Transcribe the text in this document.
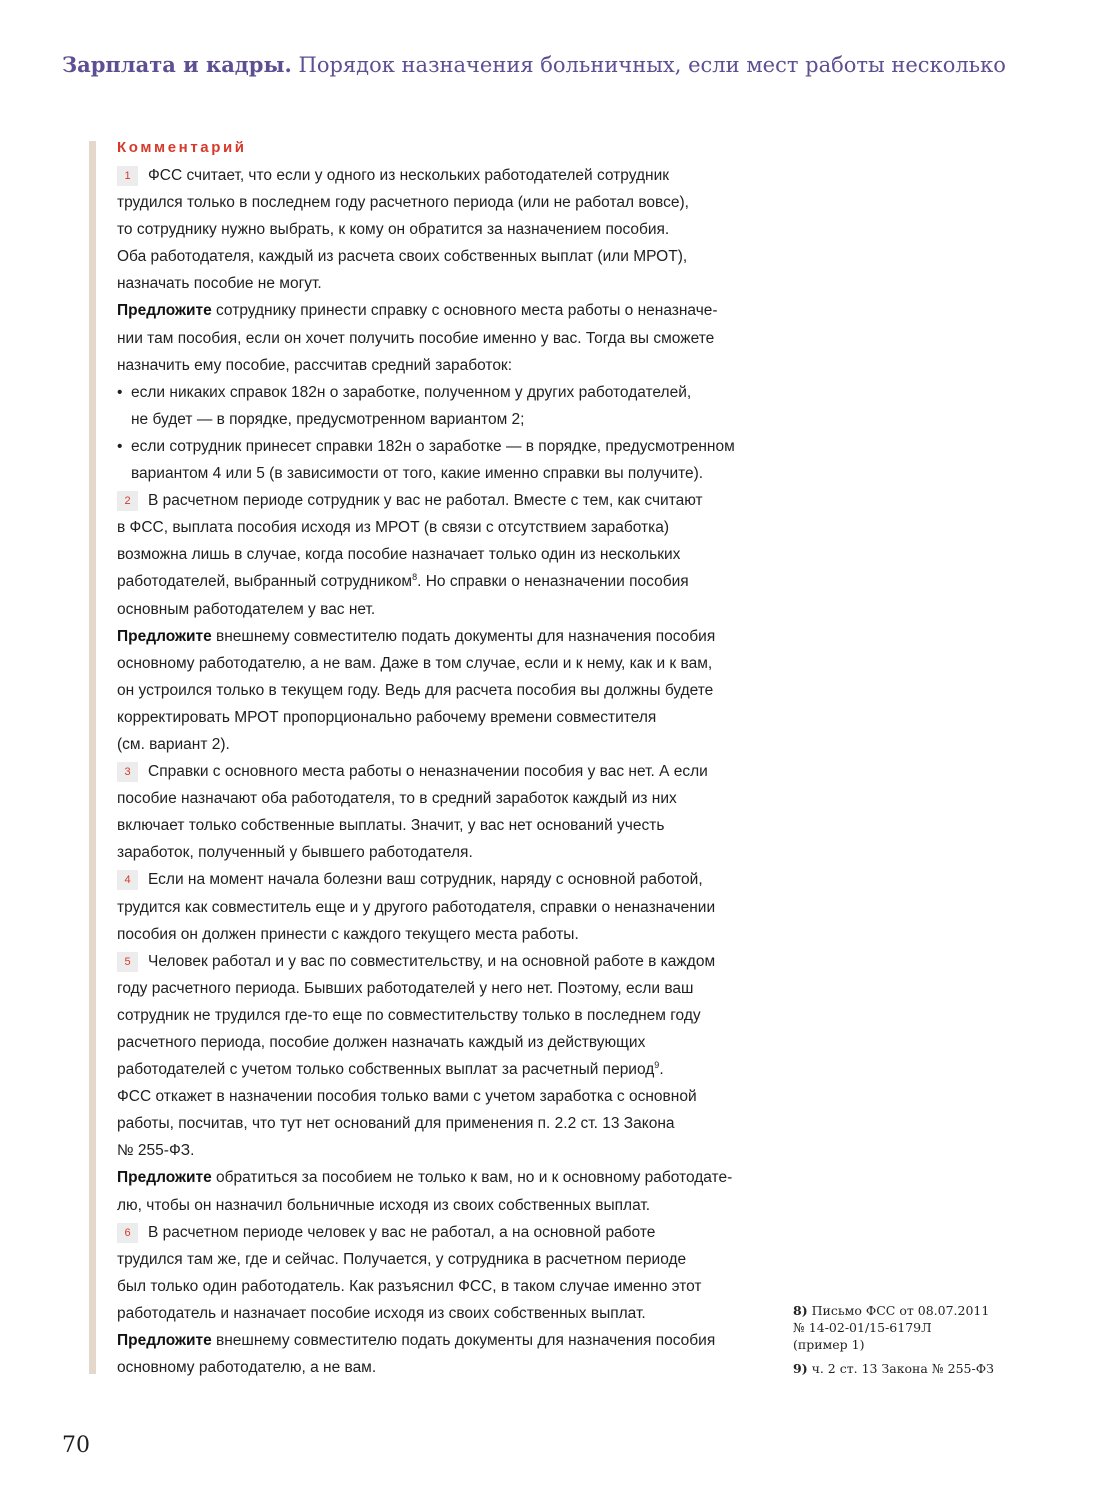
Зарплата и кадры. Порядок назначения больничных, если мест работы несколько

Комментарий

1 ФСС считает, что если у одного из нескольких работодателей сотрудник
трудился только в последнем году расчетного периода (или не работал вовсе),
то сотруднику нужно выбрать, к кому он обратится за назначением пособия.
Оба работодателя, каждый из расчета своих собственных выплат (или МРОТ),
назначать пособие не могут.

Предложите сотруднику принести справку с основного места работы о неназначе-
нии там пособия, если он хочет получить пособие именно у вас. Тогда вы сможете
назначить ему пособие, рассчитав средний заработок:

• если никаких справок 182н о заработке, полученном у других работодателей,
не будет — в порядке, предусмотренном вариантом 2;

• если сотрудник принесет справки 182н о заработке — в порядке, предусмотренном
вариантом 4 или 5 (в зависимости от того, какие именно справки вы получите).

2 В расчетном периоде сотрудник у вас не работал. Вместе с тем, как считают
в ФСС, выплата пособия исходя из МРОТ (в связи с отсутствием заработка)
возможна лишь в случае, когда пособие назначает только один из нескольких
работодателей, выбранный сотрудником$^8$. Но справки о неназначении пособия
основным работодателем у вас нет.

Предложите внешнему совместителю подать документы для назначения пособия
основному работодателю, а не вам. Даже в том случае, если и к нему, как и к вам,
он устроился только в текущем году. Ведь для расчета пособия вы должны будете
корректировать МРОТ пропорционально рабочему времени совместителя
(см. вариант 2).

3 Справки с основного места работы о неназначении пособия у вас нет. А если
пособие назначают оба работодателя, то в средний заработок каждый из них
включает только собственные выплаты. Значит, у вас нет оснований учесть
заработок, полученный у бывшего работодателя.

4 Если на момент начала болезни ваш сотрудник, наряду с основной работой,
трудится как совместитель еще и у другого работодателя, справки о неназначении
пособия он должен принести с каждого текущего места работы.

5 Человек работал и у вас по совместительству, и на основной работе в каждом
году расчетного периода. Бывших работодателей у него нет. Поэтому, если ваш
сотрудник не трудился где-то еще по совместительству только в последнем году
расчетного периода, пособие должен назначать каждый из действующих
работодателей с учетом только собственных выплат за расчетный период$^9$.
ФСС откажет в назначении пособия только вами с учетом заработка с основной
работы, посчитав, что тут нет оснований для применения п. 2.2 ст. 13 Закона
№ 255-ФЗ.

Предложите обратиться за пособием не только к вам, но и к основному работодате-
лю, чтобы он назначил больничные исходя из своих собственных выплат.

6 В расчетном периоде человек у вас не работал, а на основной работе
трудился там же, где и сейчас. Получается, у сотрудника в расчетном периоде
был только один работодатель. Как разъяснил ФСС, в таком случае именно этот
работодатель и назначает пособие исходя из своих собственных выплат.

Предложите внешнему совместителю подать документы для назначения пособия
основному работодателю, а не вам.

8) Письмо ФСС от 08.07.2011
№ 14-02-01/15-6179Л
(пример 1)
9) ч. 2 ст. 13 Закона № 255-ФЗ
70
